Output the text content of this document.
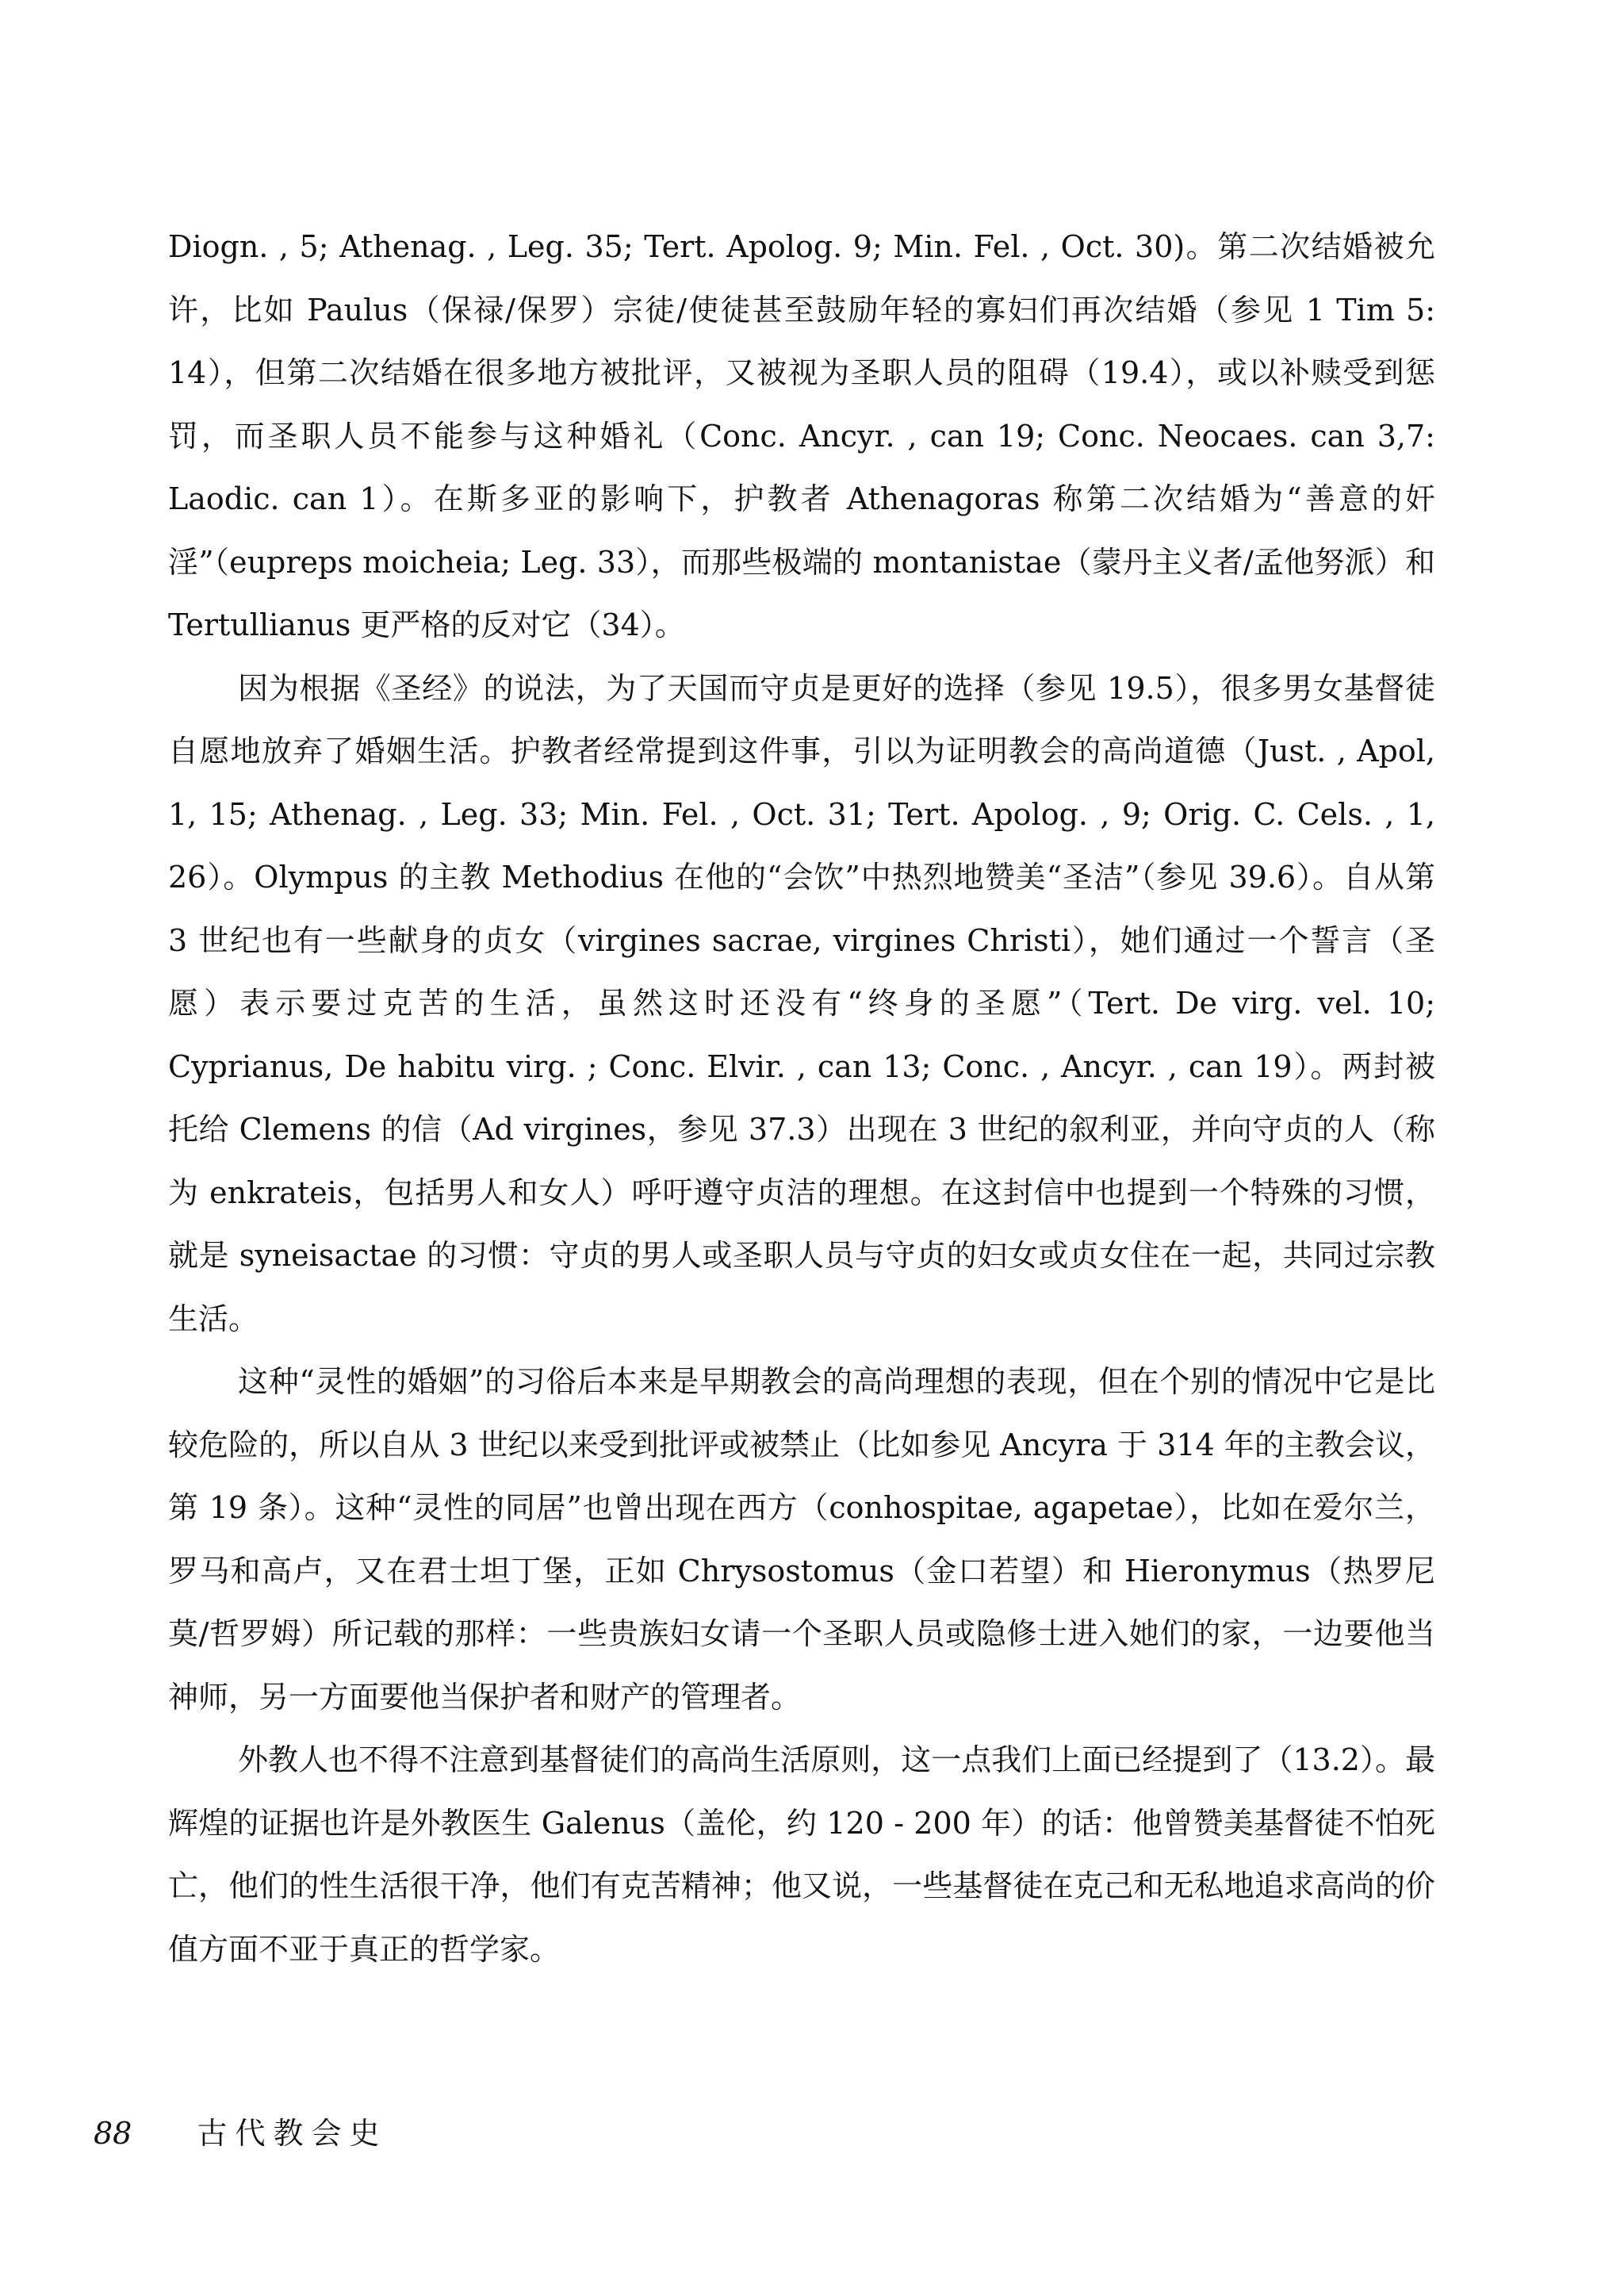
Diogn. , 5; Athenag. , Leg. 35; Tert. Apolog. 9; Min. Fel. , Oct. 30)。第二次结婚被允许，比如 Paulus（保禄/保罗）宗徒/使徒甚至鼓励年轻的寡妇们再次结婚（参见 1 Tim 5: 14），但第二次结婚在很多地方被批评，又被视为圣职人员的阻碍（19.4），或以补赎受到惩罚，而圣职人员不能参与这种婚礼（Conc. Ancyr. , can 19; Conc. Neocaes. can 3,7: Laodic. can 1）。在斯多亚的影响下，护教者 Athenagoras 称第二次结婚为“善意的奸淫”（eupreps moicheia; Leg. 33），而那些极端的 montanistae（蒙丹主义者/孟他努派）和 Tertullianus 更严格的反对它（34）。

因为根据《圣经》的说法，为了天国而守贞是更好的选择（参见 19.5），很多男女基督徒自愿地放弃了婚姻生活。护教者经常提到这件事，引以为证明教会的高尚道德（Just. , Apol, 1, 15; Athenag. , Leg. 33; Min. Fel. , Oct. 31; Tert. Apolog. , 9; Orig. C. Cels. , 1, 26）。Olympus 的主教 Methodius 在他的“会饮”中热烈地赞美“圣洁”（参见 39.6）。自从第 3 世纪也有一些献身的贞女（virgines sacrae, virgines Christi），她们通过一个誓言（圣愿）表示要过克苦的生活，虽然这时还没有“终身的圣愿”（Tert. De virg. vel. 10; Cyprianus, De habitu virg. ; Conc. Elvir. , can 13; Conc. , Ancyr. , can 19）。两封被托给 Clemens 的信（Ad virgines，参见 37.3）出现在 3 世纪的叙利亚，并向守贞的人（称为 enkrateis，包括男人和女人）呼吁遵守贞洁的理想。在这封信中也提到一个特殊的习惯，就是 syneisactae 的习惯：守贞的男人或圣职人员与守贞的妇女或贞女住在一起，共同过宗教生活。

这种“灵性的婚姻”的习俗后本来是早期教会的高尚理想的表现，但在个别的情况中它是比较危险的，所以自从 3 世纪以来受到批评或被禁止（比如参见 Ancyra 于 314 年的主教会议，第 19 条）。这种“灵性的同居”也曾出现在西方（conhospitae, agapetae），比如在爱尔兰，罗马和高卢，又在君士坦丁堡，正如 Chrysostomus（金口若望）和 Hieronymus（热罗尼莫/哲罗姆）所记载的那样：一些贵族妇女请一个圣职人员或隐修士进入她们的家，一边要他当神师，另一方面要他当保护者和财产的管理者。

外教人也不得不注意到基督徒们的高尚生活原则，这一点我们上面已经提到了（13.2）。最辉煌的证据也许是外教医生 Galenus（盖伦，约 120 - 200 年）的话：他曾赞美基督徒不怕死亡，他们的性生活很干净，他们有克苦精神；他又说，一些基督徒在克己和无私地追求高尚的价值方面不亚于真正的哲学家。

88 古代教会史
